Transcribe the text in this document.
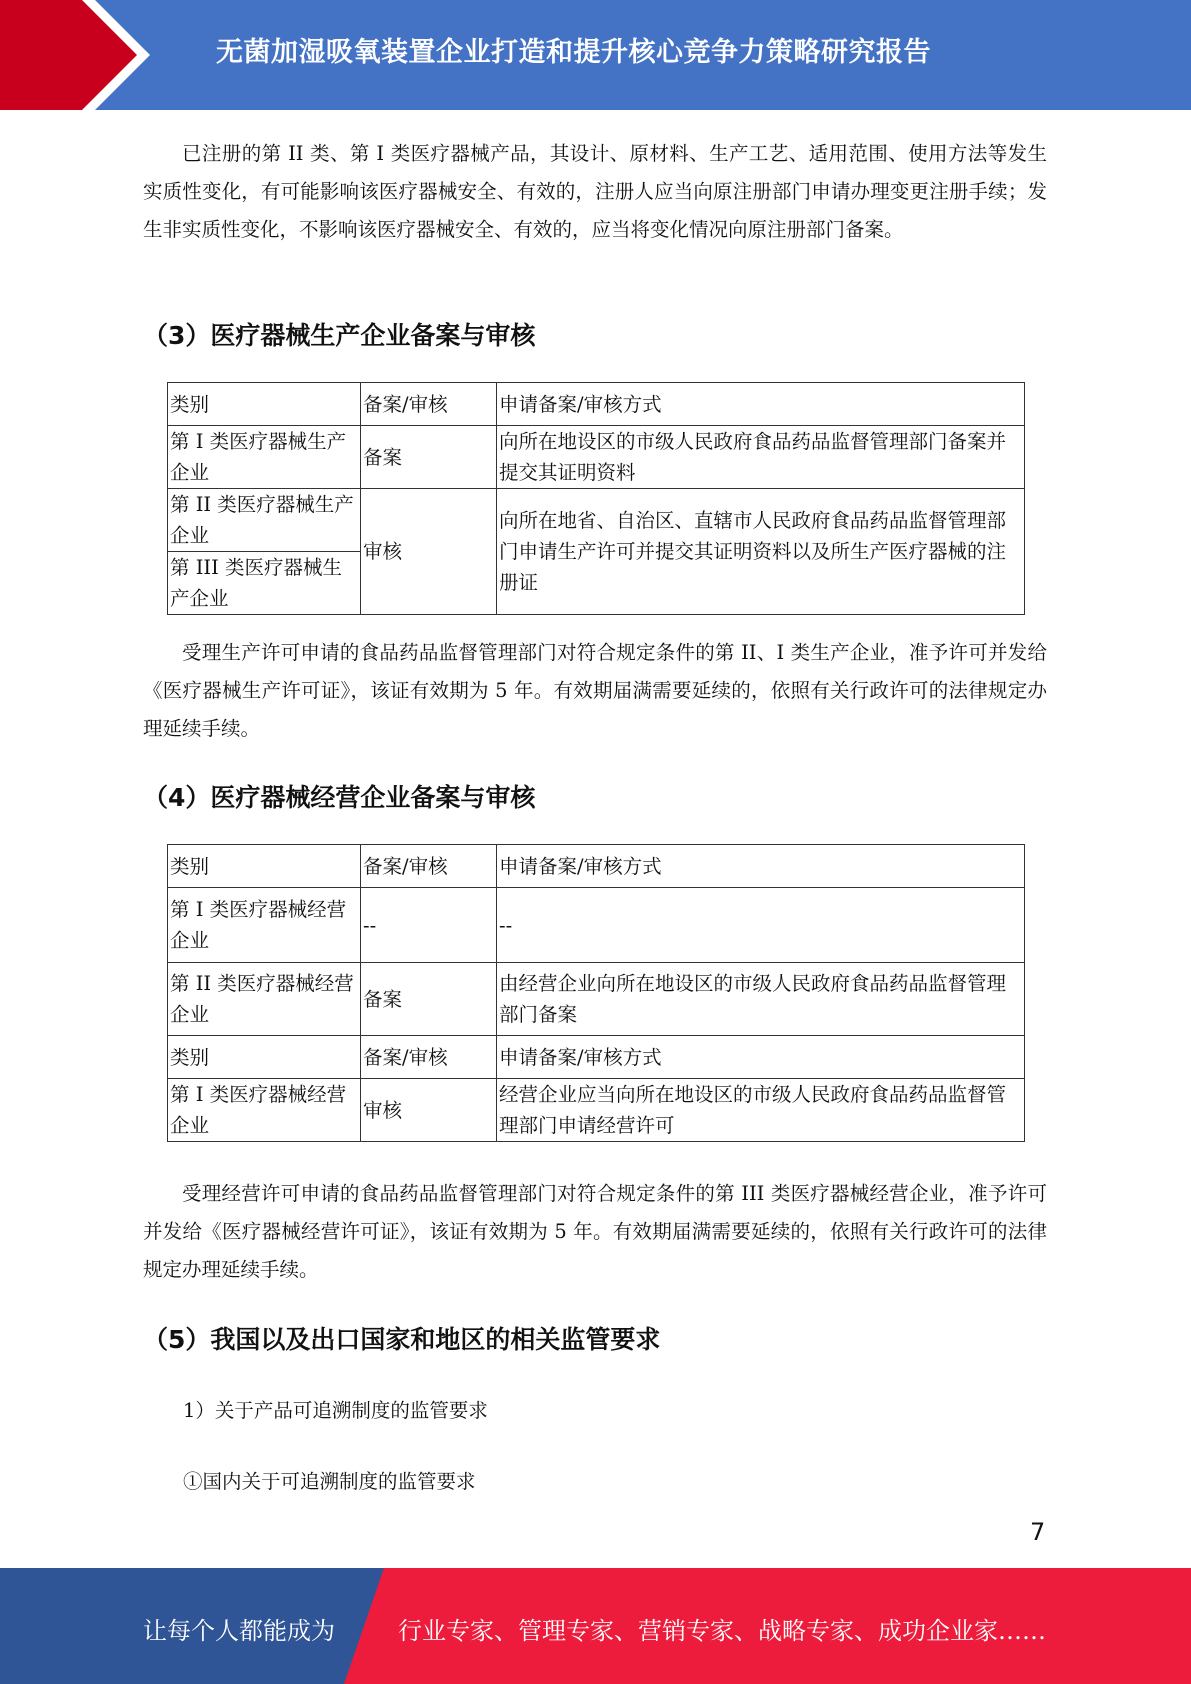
无菌加湿吸氧装置企业打造和提升核心竞争力策略研究报告

已注册的第 II 类、第 I 类医疗器械产品，其设计、原材料、生产工艺、适用范围、使用方法等发生实质性变化，有可能影响该医疗器械安全、有效的，注册人应当向原注册部门申请办理变更注册手续；发生非实质性变化，不影响该医疗器械安全、有效的，应当将变化情况向原注册部门备案。

（3）医疗器械生产企业备案与审核
类别	备案/审核	申请备案/审核方式
第 I 类医疗器械生产企业	备案	向所在地设区的市级人民政府食品药品监督管理部门备案并提交其证明资料
第 II 类医疗器械生产企业	审核	向所在地省、自治区、直辖市人民政府食品药品监督管理部门申请生产许可并提交其证明资料以及所生产医疗器械的注册证
第 III 类医疗器械生产企业		

受理生产许可申请的食品药品监督管理部门对符合规定条件的第 II、I 类生产企业，准予许可并发给《医疗器械生产许可证》，该证有效期为 5 年。有效期届满需要延续的，依照有关行政许可的法律规定办理延续手续。

（4）医疗器械经营企业备案与审核
类别	备案/审核	申请备案/审核方式
第 I 类医疗器械经营企业	--	--
第 II 类医疗器械经营企业	备案	由经营企业向所在地设区的市级人民政府食品药品监督管理部门备案
类别	备案/审核	申请备案/审核方式
第 I 类医疗器械经营企业	审核	经营企业应当向所在地设区的市级人民政府食品药品监督管理部门申请经营许可

受理经营许可申请的食品药品监督管理部门对符合规定条件的第 III 类医疗器械经营企业，准予许可并发给《医疗器械经营许可证》，该证有效期为 5 年。有效期届满需要延续的，依照有关行政许可的法律规定办理延续手续。

（5）我国以及出口国家和地区的相关监管要求

1）关于产品可追溯制度的监管要求

①国内关于可追溯制度的监管要求

7
让每个人都能成为	行业专家、管理专家、营销专家、战略专家、成功企业家……
